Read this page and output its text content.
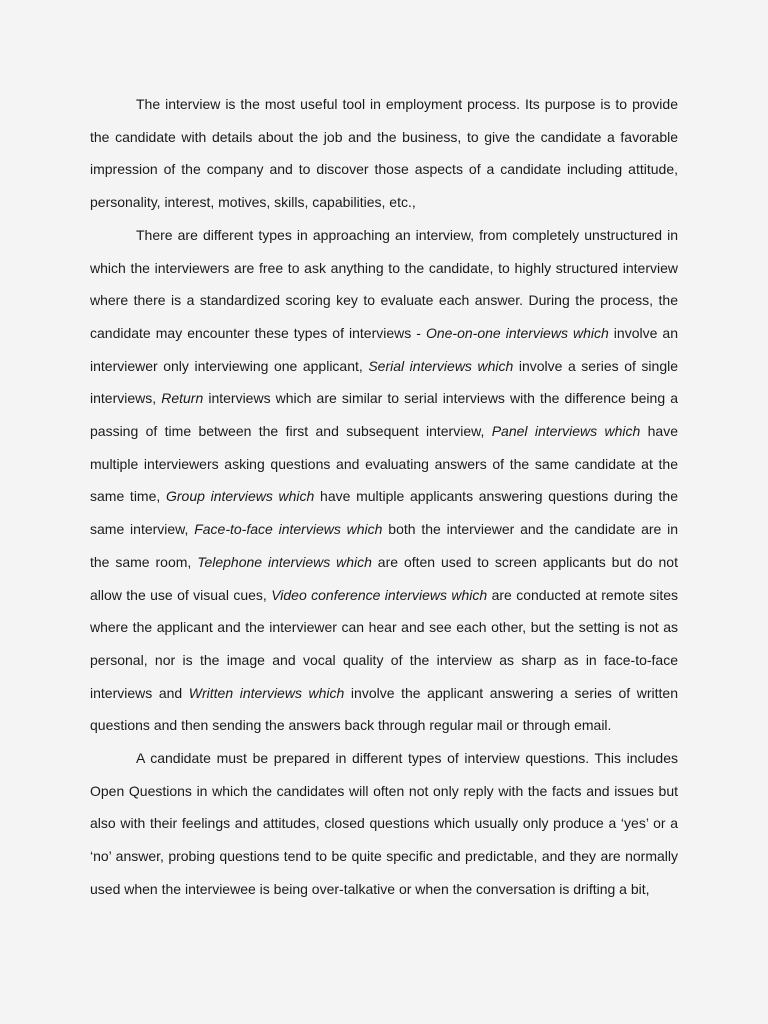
The interview is the most useful tool in employment process. Its purpose is to provide the candidate with details about the job and the business, to give the candidate a favorable impression of the company and to discover those aspects of a candidate including attitude, personality, interest, motives, skills, capabilities, etc.,

There are different types in approaching an interview, from completely unstructured in which the interviewers are free to ask anything to the candidate, to highly structured interview where there is a standardized scoring key to evaluate each answer. During the process, the candidate may encounter these types of interviews - One-on-one interviews which involve an interviewer only interviewing one applicant, Serial interviews which involve a series of single interviews, Return interviews which are similar to serial interviews with the difference being a passing of time between the first and subsequent interview, Panel interviews which have multiple interviewers asking questions and evaluating answers of the same candidate at the same time, Group interviews which have multiple applicants answering questions during the same interview, Face-to-face interviews which both the interviewer and the candidate are in the same room, Telephone interviews which are often used to screen applicants but do not allow the use of visual cues, Video conference interviews which are conducted at remote sites where the applicant and the interviewer can hear and see each other, but the setting is not as personal, nor is the image and vocal quality of the interview as sharp as in face-to-face interviews and Written interviews which involve the applicant answering a series of written questions and then sending the answers back through regular mail or through email.

A candidate must be prepared in different types of interview questions. This includes Open Questions in which the candidates will often not only reply with the facts and issues but also with their feelings and attitudes, closed questions which usually only produce a ‘yes’ or a ‘no’ answer, probing questions tend to be quite specific and predictable, and they are normally used when the interviewee is being over-talkative or when the conversation is drifting a bit,
